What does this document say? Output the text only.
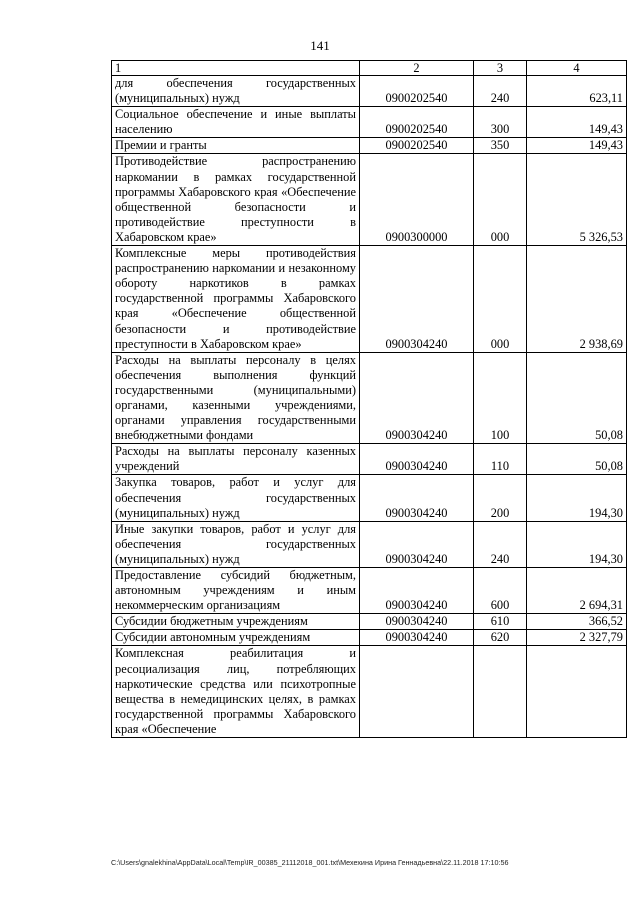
141
1	2	3	4
для обеспечения государственных (муниципальных) нужд	0900202540	240	623,11
Социальное обеспечение и иные выплаты населению	0900202540	300	149,43
Премии и гранты	0900202540	350	149,43
Противодействие распространению наркомании в рамках государственной программы Хабаровского края «Обеспечение общественной безопасности и противодействие преступности в Хабаровском крае»	0900300000	000	5 326,53
Комплексные меры противодействия распространению наркомании и незаконному обороту наркотиков в рамках государственной программы Хабаровского края «Обеспечение общественной безопасности и противодействие преступности в Хабаровском крае»	0900304240	000	2 938,69
Расходы на выплаты персоналу в целях обеспечения выполнения функций государственными (муниципальными) органами, казенными учреждениями, органами управления государственными внебюджетными фондами	0900304240	100	50,08
Расходы на выплаты персоналу казенных учреждений	0900304240	110	50,08
Закупка товаров, работ и услуг для обеспечения государственных (муниципальных) нужд	0900304240	200	194,30
Иные закупки товаров, работ и услуг для обеспечения государственных (муниципальных) нужд	0900304240	240	194,30
Предоставление субсидий бюджетным, автономным учреждениям и иным некоммерческим организациям	0900304240	600	2 694,31
Субсидии бюджетным учреждениям	0900304240	610	366,52
Субсидии автономным учреждениям	0900304240	620	2 327,79
Комплексная реабилитация и ресоциализация лиц, потребляющих наркотические средства или психотропные вещества в немедицинских целях, в рамках государственной программы Хабаровского края «Обеспечение			
C:\Users\gnalekhina\AppData\Local\Temp\IR_00385_21112018_001.txt\Мехехина Ирина Геннадьевна\22.11.2018 17:10:56
